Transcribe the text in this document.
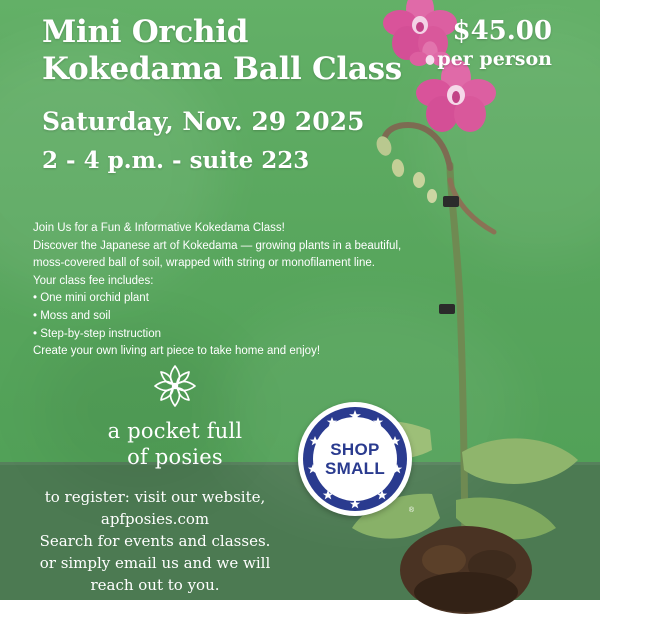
Mini Orchid
Kokedama Ball Class
Saturday, Nov. 29 2025
2 - 4 p.m. - suite 223
$45.00
per person
Join Us for a Fun & Informative Kokedama Class!
Discover the Japanese art of Kokedama — growing plants in a beautiful,
moss-covered ball of soil, wrapped with string or monofilament line.
Your class fee includes:
• One mini orchid plant
• Moss and soil
• Step-by-step instruction
Create your own living art piece to take home and enjoy!
a pocket full
of posies	SHOP
SMALL
®
to register: visit our website,
apfposies.com
Search for events and classes.
or simply email us and we will
reach out to you.
apfposies@gmail.com
